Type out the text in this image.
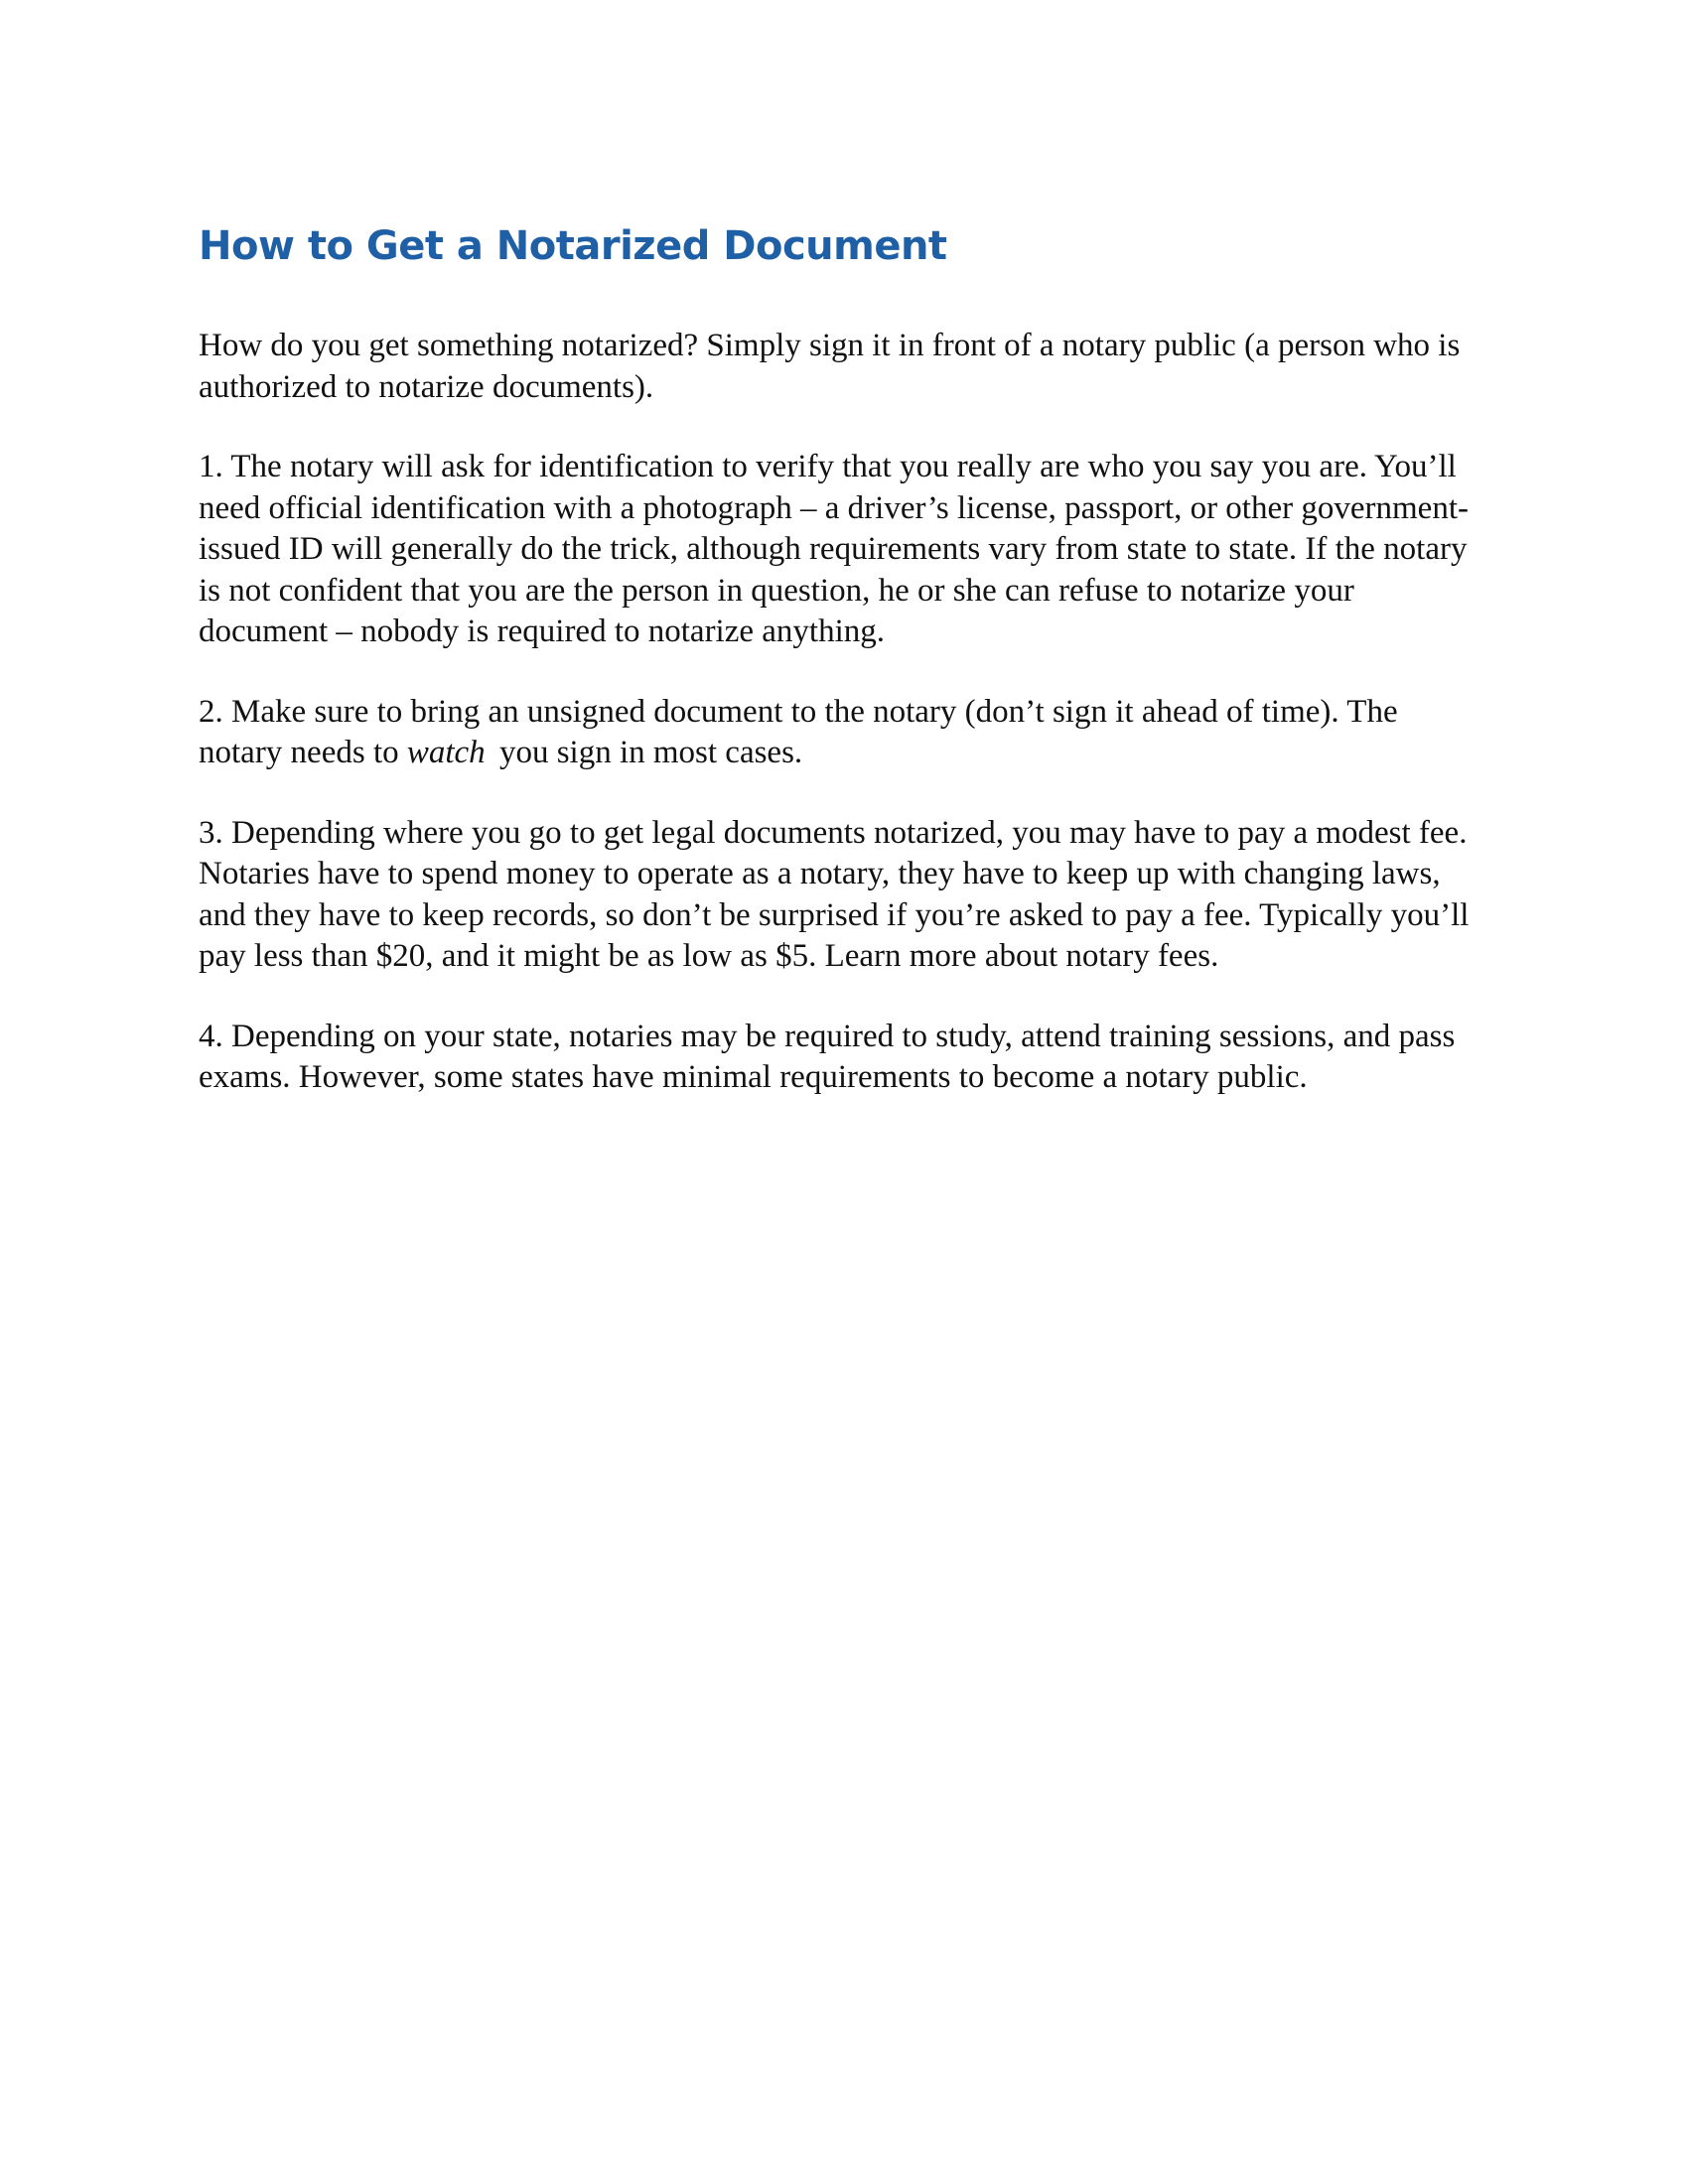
How to Get a Notarized Document

How do you get something notarized? Simply sign it in front of a notary public (a person who is authorized to notarize documents).

1. The notary will ask for identification to verify that you really are who you say you are. You’ll need official identification with a photograph – a driver’s license, passport, or other government-issued ID will generally do the trick, although requirements vary from state to state. If the notary is not confident that you are the person in question, he or she can refuse to notarize your document – nobody is required to notarize anything.

2. Make sure to bring an unsigned document to the notary (don’t sign it ahead of time). The notary needs to watch you sign in most cases.

3. Depending where you go to get legal documents notarized, you may have to pay a modest fee. Notaries have to spend money to operate as a notary, they have to keep up with changing laws, and they have to keep records, so don’t be surprised if you’re asked to pay a fee. Typically you’ll pay less than $20, and it might be as low as $5. Learn more about notary fees.

4. Depending on your state, notaries may be required to study, attend training sessions, and pass exams. However, some states have minimal requirements to become a notary public.
